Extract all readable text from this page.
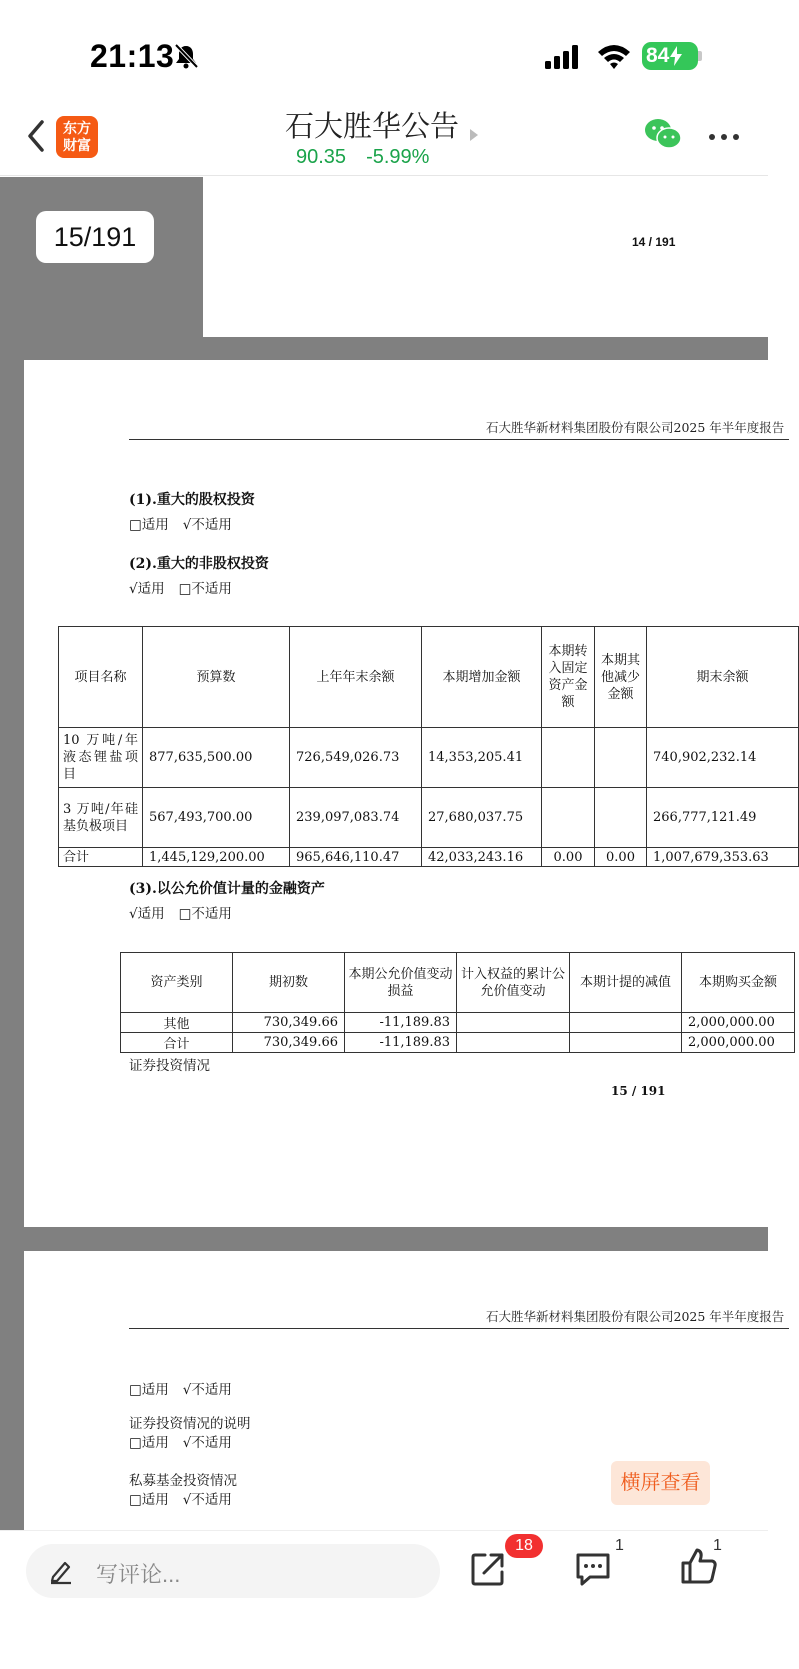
21:13	84
东方
财富
石大胜华公告
90.35 -5.99%
14 / 191
15/191
石大胜华新材料集团股份有限公司2025 年半年度报告
(1).重大的股权投资
□适用 √不适用
(2).重大的非股权投资
√适用 □不适用
项目名称	预算数	上年年末余额	本期增加金额	本期转入固定资产金额	本期其他减少金额	期末余额
10 万吨/年液态锂盐项目	877,635,500.00	726,549,026.73	14,353,205.41			740,902,232.14
3 万吨/年硅基负极项目	567,493,700.00	239,097,083.74	27,680,037.75			266,777,121.49
合计	1,445,129,200.00	965,646,110.47	42,033,243.16	0.00	0.00	1,007,679,353.63
(3).以公允价值计量的金融资产
√适用 □不适用
资产类别	期初数	本期公允价值变动损益	计入权益的累计公允价值变动	本期计提的减值	本期购买金额
其他	730,349.66	-11,189.83			2,000,000.00
合计	730,349.66	-11,189.83			2,000,000.00
证券投资情况
15 / 191
石大胜华新材料集团股份有限公司2025 年半年度报告
□适用 √不适用
证券投资情况的说明
□适用 √不适用
私募基金投资情况
□适用 √不适用
横屏查看
写评论...
18	1	1
